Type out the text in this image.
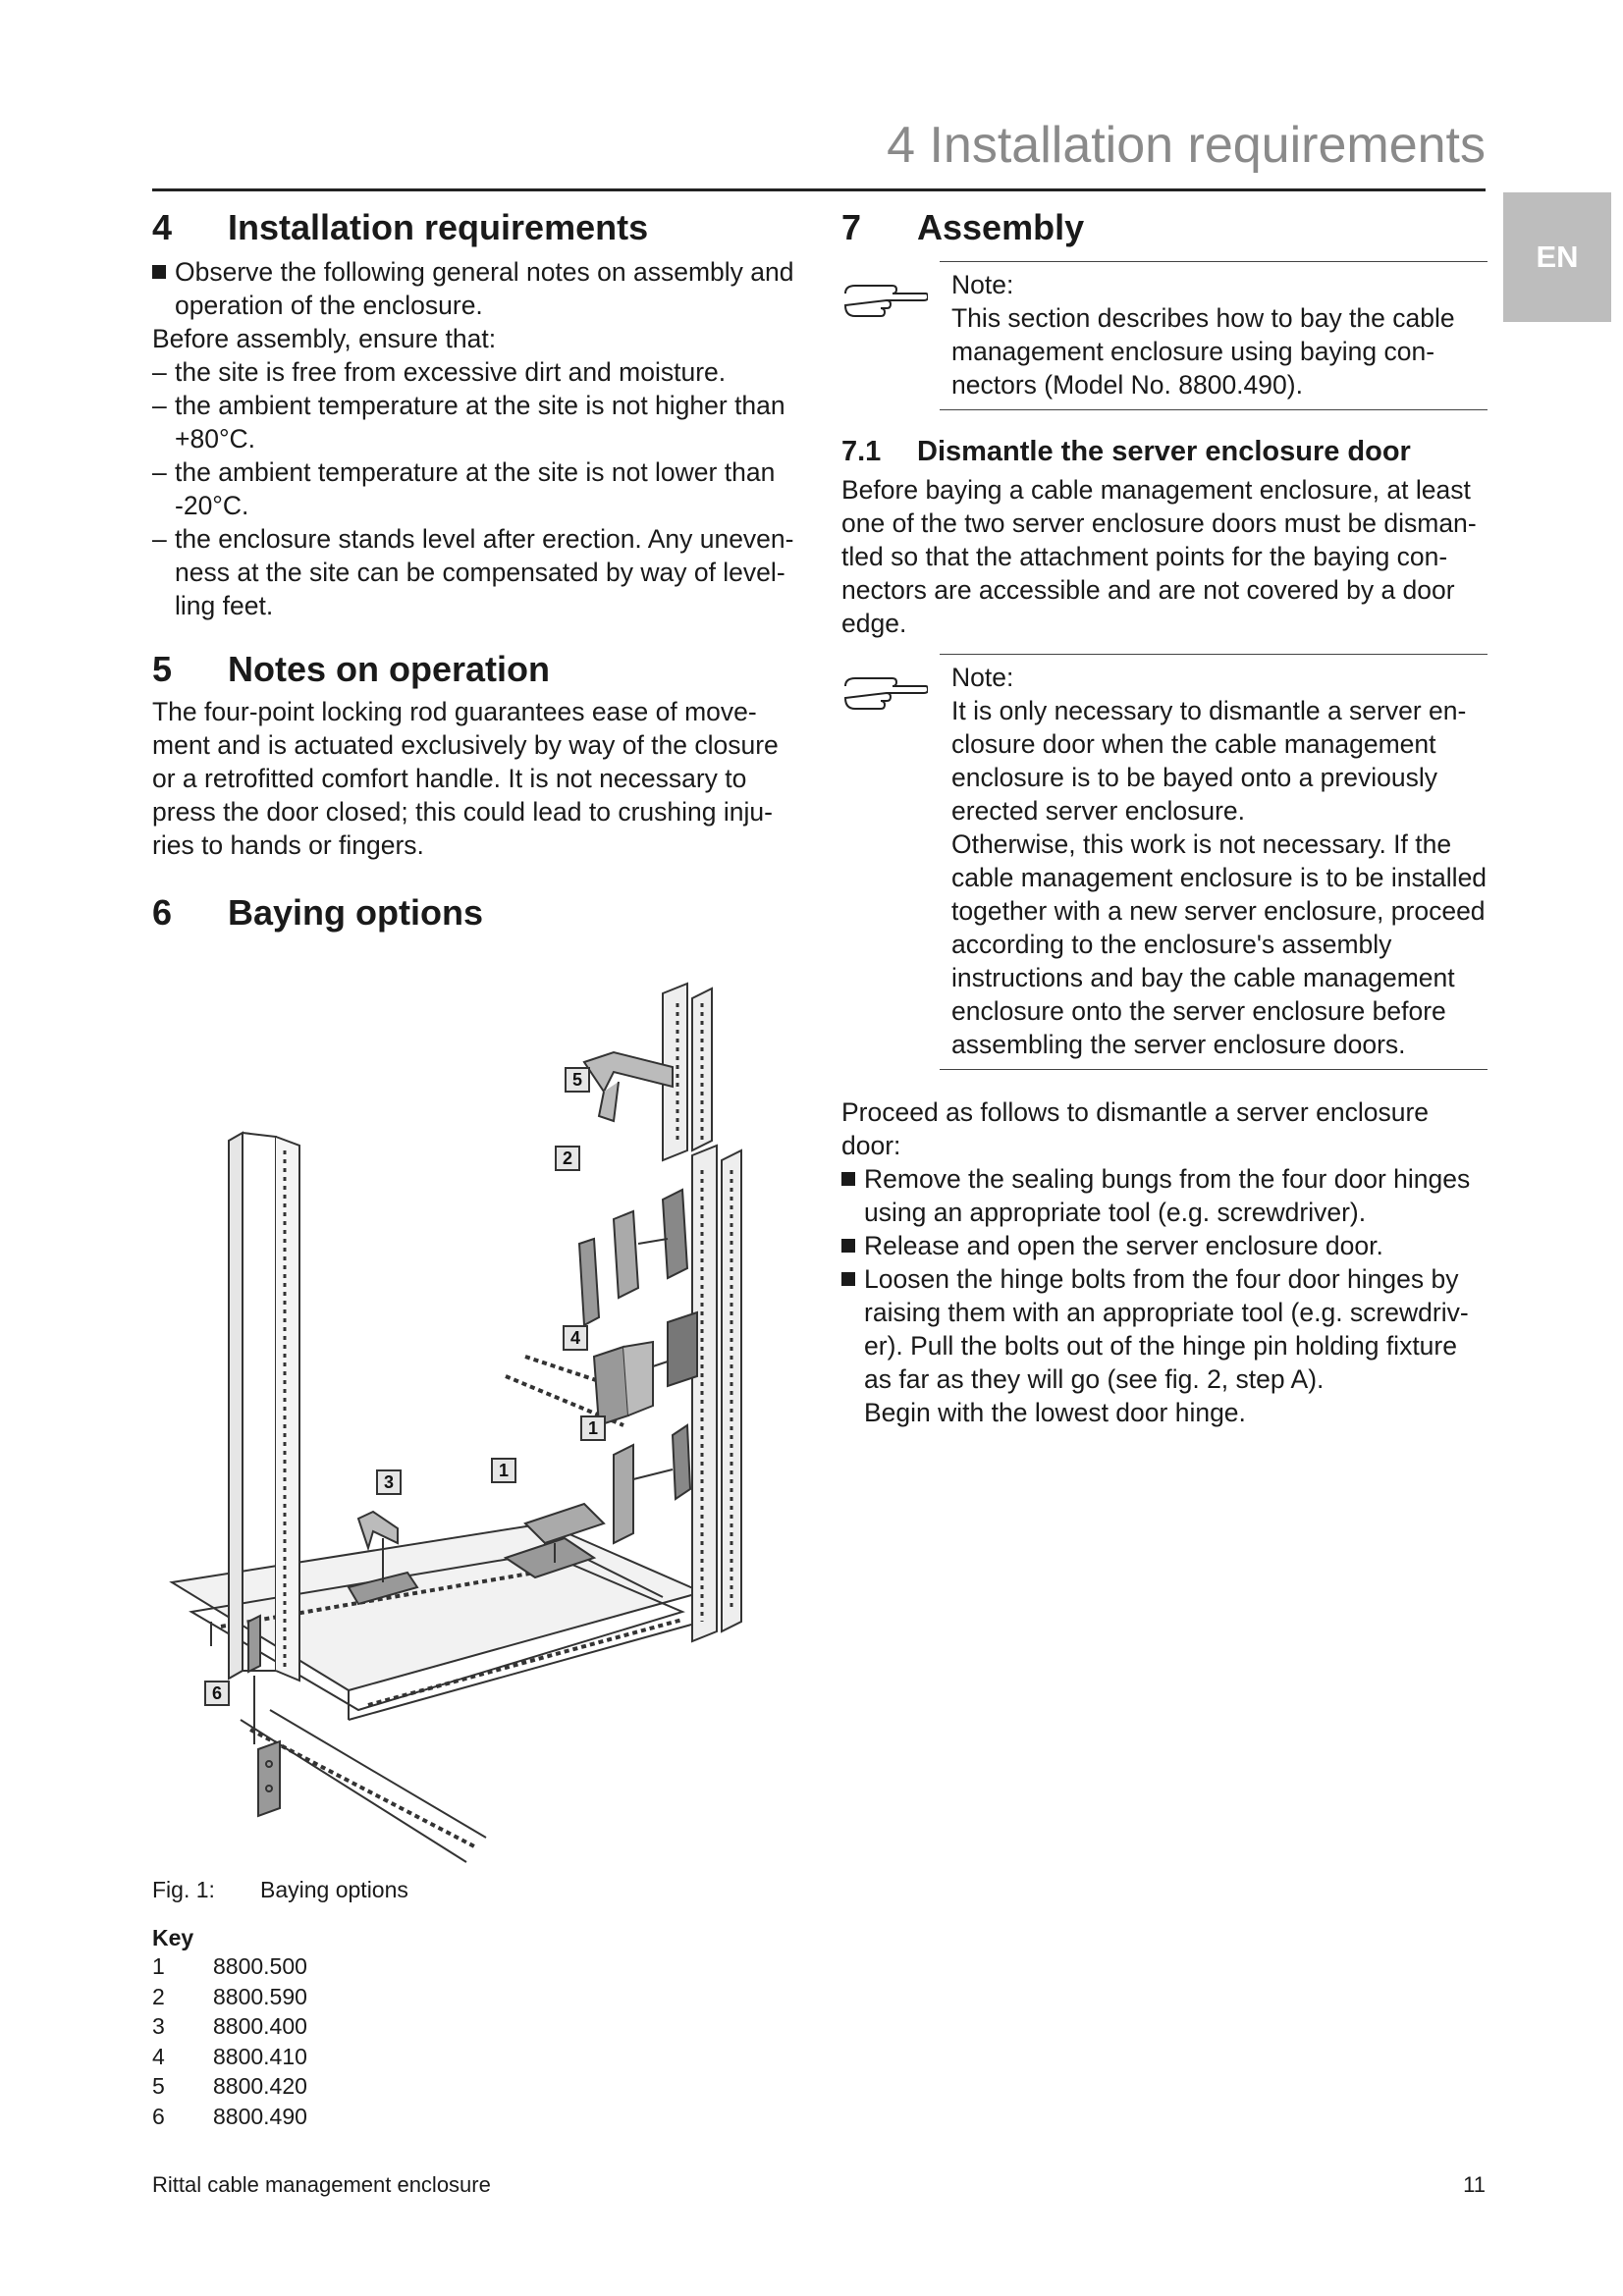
4 Installation requirements
EN
4	Installation requirements
Observe the following general notes on assembly and operation of the enclosure.

Before assembly, ensure that:

– the site is free from excessive dirt and moisture.
– the ambient temperature at the site is not higher than +80°C.
– the ambient temperature at the site is not lower than -20°C.
– the enclosure stands level after erection. Any unevenness at the site can be compensated by way of levelling feet.
5	Notes on operation

The four-point locking rod guarantees ease of movement and is actuated exclusively by way of the closure or a retrofitted comfort handle. It is not necessary to press the door closed; this could lead to crushing injuries to hands or fingers.

6	Baying options
5
2
4
1
3
1
6
Fig. 1:	Baying options
Key
1	8800.500
2	8800.590
3	8800.400
4	8800.410
5	8800.420
6	8800.490
7	Assembly

Note:

This section describes how to bay the cable management enclosure using baying connectors (Model No. 8800.490).

7.1	Dismantle the server enclosure door

Before baying a cable management enclosure, at least one of the two server enclosure doors must be dismantled so that the attachment points for the baying connectors are accessible and are not covered by a door edge.

Note:

It is only necessary to dismantle a server enclosure door when the cable management enclosure is to be bayed onto a previously erected server enclosure.

Otherwise, this work is not necessary. If the cable management enclosure is to be installed together with a new server enclosure, proceed according to the enclosure's assembly instructions and bay the cable management enclosure onto the server enclosure before assembling the server enclosure doors.

Proceed as follows to dismantle a server enclosure door:

Remove the sealing bungs from the four door hinges using an appropriate tool (e.g. screwdriver).
Release and open the server enclosure door.
Loosen the hinge bolts from the four door hinges by raising them with an appropriate tool (e.g. screwdriver). Pull the bolts out of the hinge pin holding fixture as far as they will go (see fig. 2, step A).
Begin with the lowest door hinge.
Rittal cable management enclosure	11
